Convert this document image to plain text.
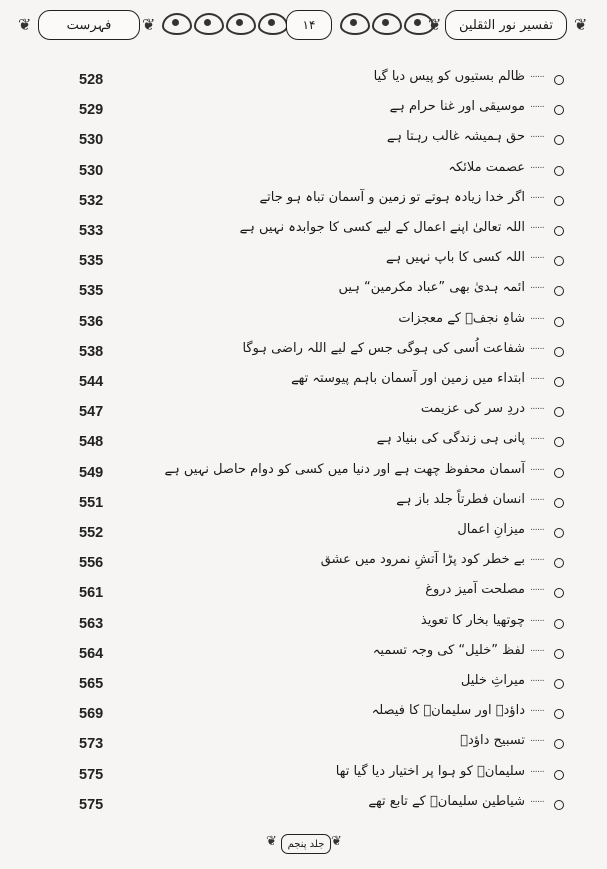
❦	فہرست ❦	۱۴	❦ تفسیر نور الثقلین ❦
528	ظالم بستیوں کو پیس دیا گیا ......
529	موسیقی اور غنا حرام ہے ......
530	حق ہمیشہ غالب رہتا ہے ......
530	عصمت ملائکہ ......
532	اگر خدا زیادہ ہوتے تو زمین و آسمان تباہ ہو جاتے ......
533	اللہ تعالیٰ اپنے اعمال کے لیے کسی کا جوابدہ نہیں ہے ......
535	اللہ کسی کا باپ نہیں ہے ......
535	ائمہ ہدیٰ بھی ”عباد مکرمین“ ہیں ......
536	شاہِ نجفؑ کے معجزات ......
538	شفاعت اُسی کی ہوگی جس کے لیے اللہ راضی ہوگا ......
544	ابتداء میں زمین اور آسمان باہم پیوستہ تھے ......
547	دردِ سر کی عزیمت ......
548	پانی ہی زندگی کی بنیاد ہے ......
549	آسمان محفوظ چھت ہے اور دنیا میں کسی کو دوام حاصل نہیں ہے ......
551	انسان فطرتاً جلد باز ہے ......
552	میزانِ اعمال ......
556	بے خطر کود پڑا آتشِ نمرود میں عشق ......
561	مصلحت آمیز دروغ ......
563	چوتھیا بخار کا تعویذ ......
564	لفظ ”خلیل“ کی وجہ تسمیہ ......
565	میراثِ خلیل ......
569	داؤدؑ اور سلیمانؑ کا فیصلہ ......
573	تسبیح داؤدؑ ......
575	سلیمانؑ کو ہوا پر اختیار دیا گیا تھا ......
575	شیاطین سلیمانؑ کے تابع تھے ......
❦ جلد پنجم ❦
